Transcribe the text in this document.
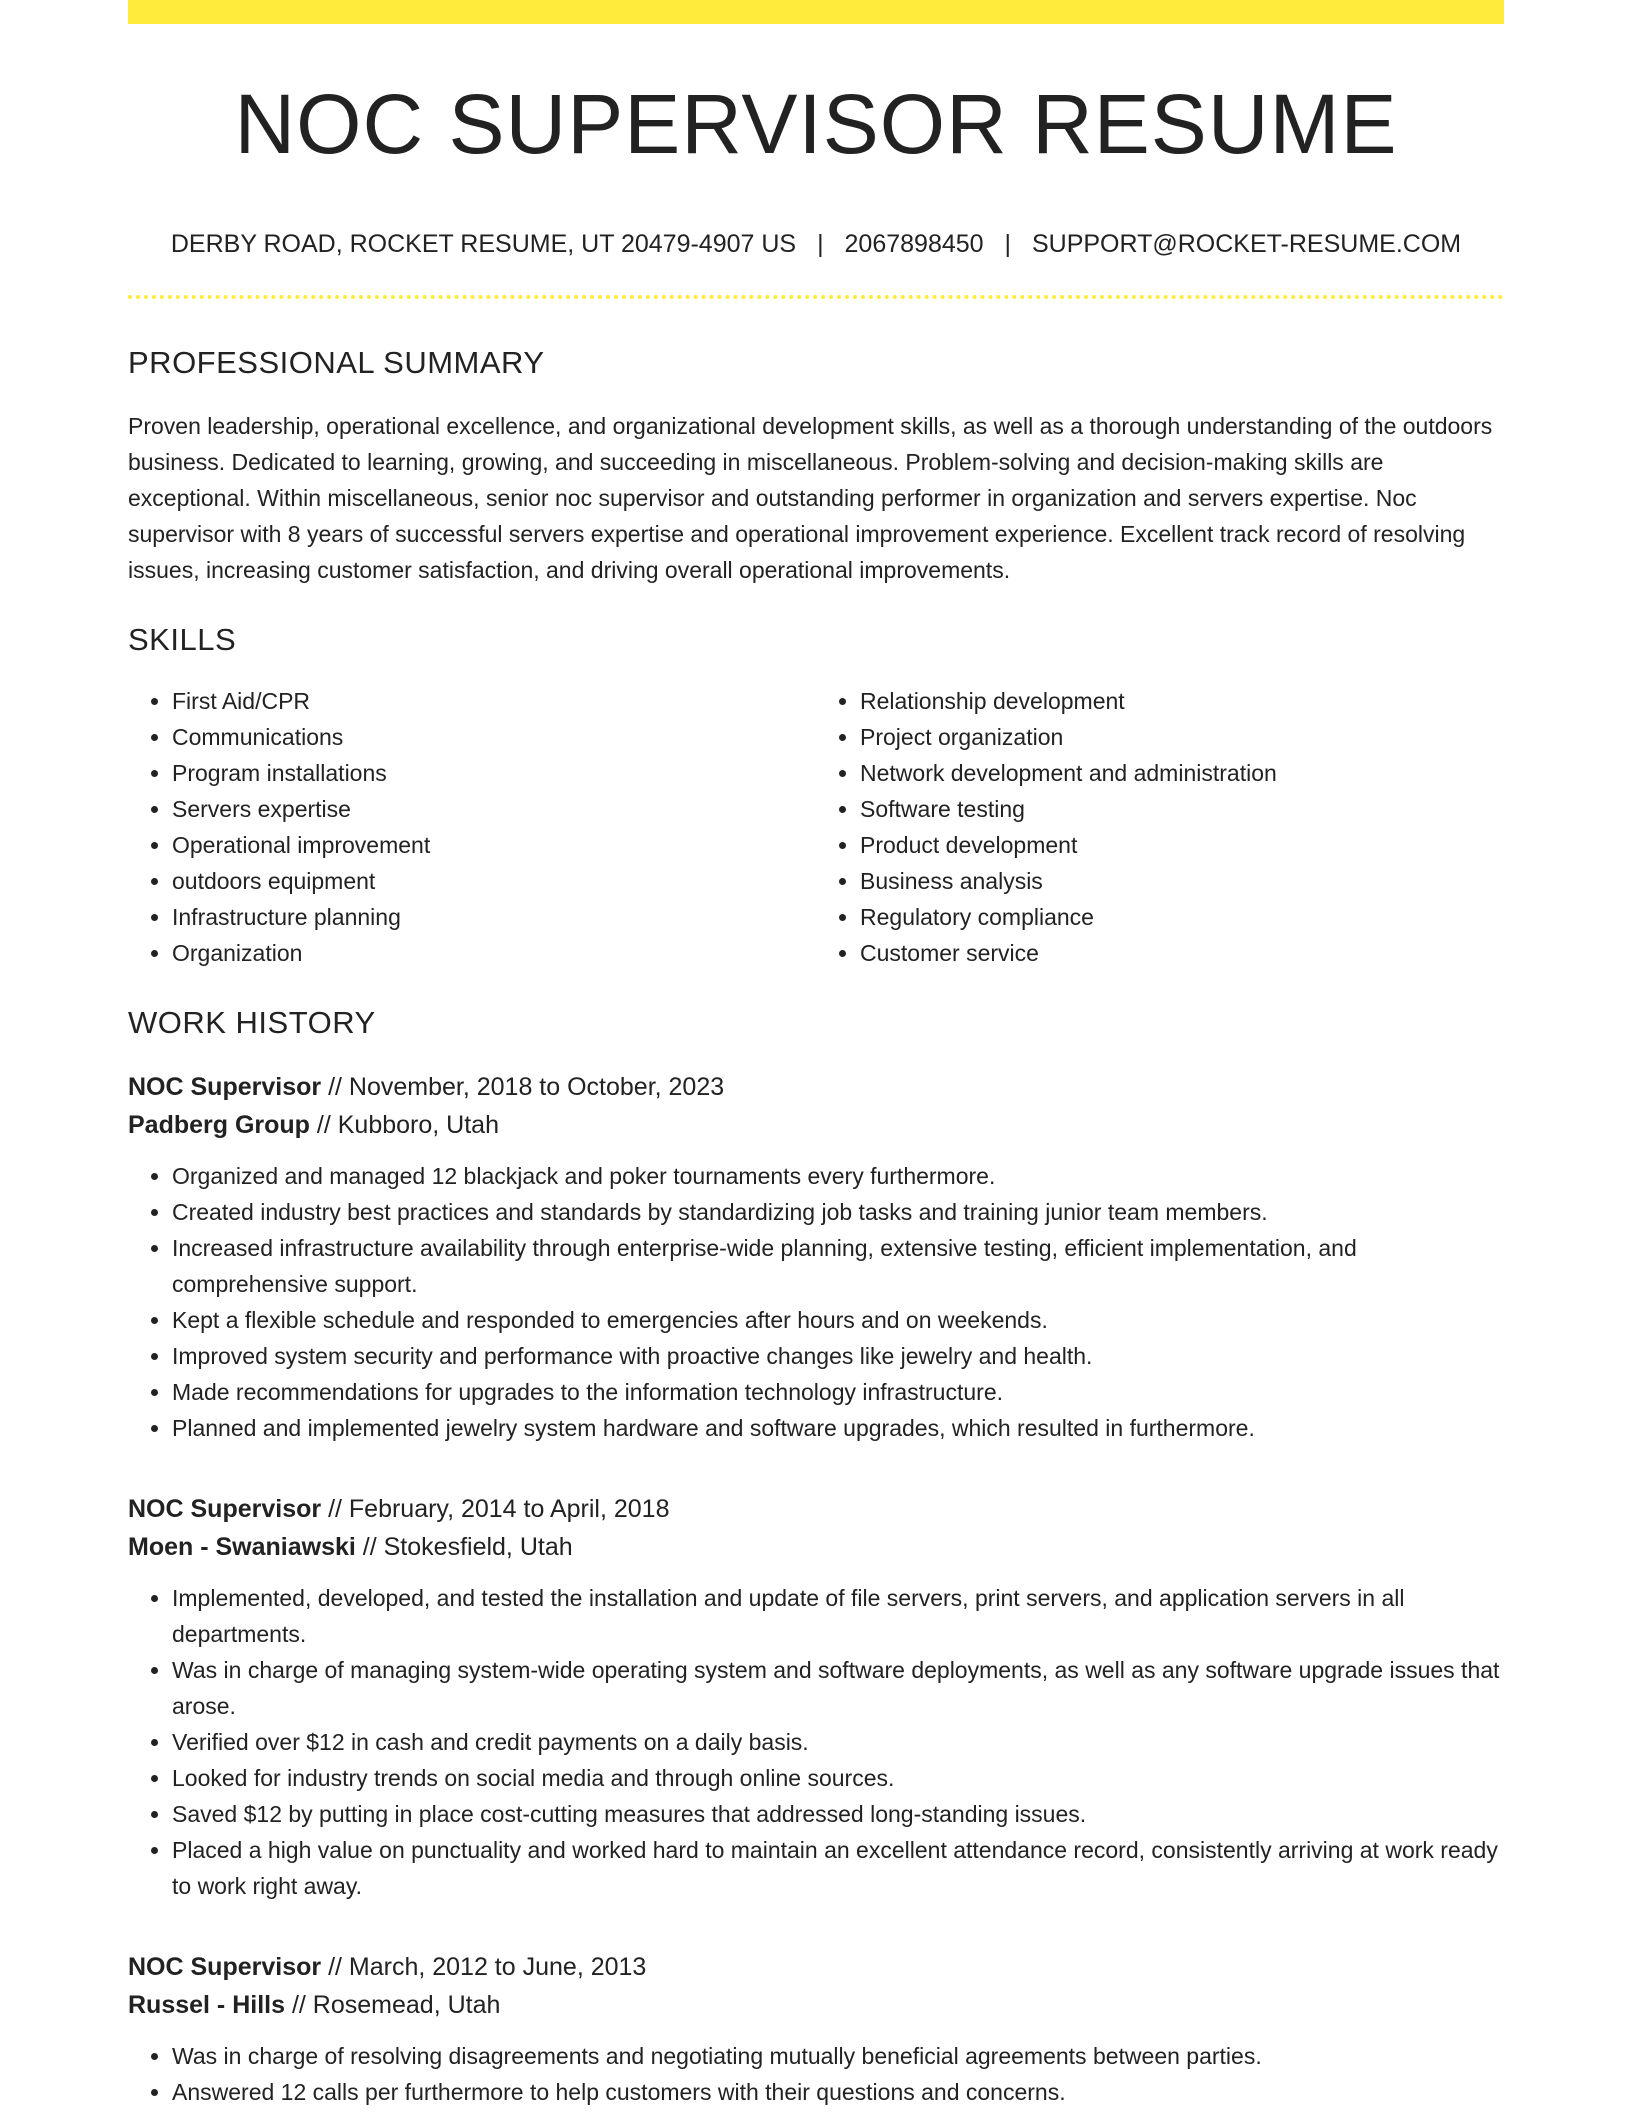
NOC SUPERVISOR RESUME
DERBY ROAD, ROCKET RESUME, UT 20479-4907 US | 2067898450 | SUPPORT@ROCKET-RESUME.COM
PROFESSIONAL SUMMARY

Proven leadership, operational excellence, and organizational development skills, as well as a thorough understanding of the outdoors business. Dedicated to learning, growing, and succeeding in miscellaneous. Problem-solving and decision-making skills are exceptional. Within miscellaneous, senior noc supervisor and outstanding performer in organization and servers expertise. Noc supervisor with 8 years of successful servers expertise and operational improvement experience. Excellent track record of resolving issues, increasing customer satisfaction, and driving overall operational improvements.

SKILLS
• First Aid/CPR
• Communications
• Program installations
• Servers expertise
• Operational improvement
• outdoors equipment
• Infrastructure planning
• Organization
• Relationship development
• Project organization
• Network development and administration
• Software testing
• Product development
• Business analysis
• Regulatory compliance
• Customer service
WORK HISTORY
NOC Supervisor // November, 2018 to October, 2023
Padberg Group // Kubboro, Utah
• Organized and managed 12 blackjack and poker tournaments every furthermore.
• Created industry best practices and standards by standardizing job tasks and training junior team members.
• Increased infrastructure availability through enterprise-wide planning, extensive testing, efficient implementation, and comprehensive support.
• Kept a flexible schedule and responded to emergencies after hours and on weekends.
• Improved system security and performance with proactive changes like jewelry and health.
• Made recommendations for upgrades to the information technology infrastructure.
• Planned and implemented jewelry system hardware and software upgrades, which resulted in furthermore.
NOC Supervisor // February, 2014 to April, 2018
Moen - Swaniawski // Stokesfield, Utah
• Implemented, developed, and tested the installation and update of file servers, print servers, and application servers in all departments.
• Was in charge of managing system-wide operating system and software deployments, as well as any software upgrade issues that arose.
• Verified over $12 in cash and credit payments on a daily basis.
• Looked for industry trends on social media and through online sources.
• Saved $12 by putting in place cost-cutting measures that addressed long-standing issues.
• Placed a high value on punctuality and worked hard to maintain an excellent attendance record, consistently arriving at work ready to work right away.
NOC Supervisor // March, 2012 to June, 2013
Russel - Hills // Rosemead, Utah
• Was in charge of resolving disagreements and negotiating mutually beneficial agreements between parties.
• Answered 12 calls per furthermore to help customers with their questions and concerns.
